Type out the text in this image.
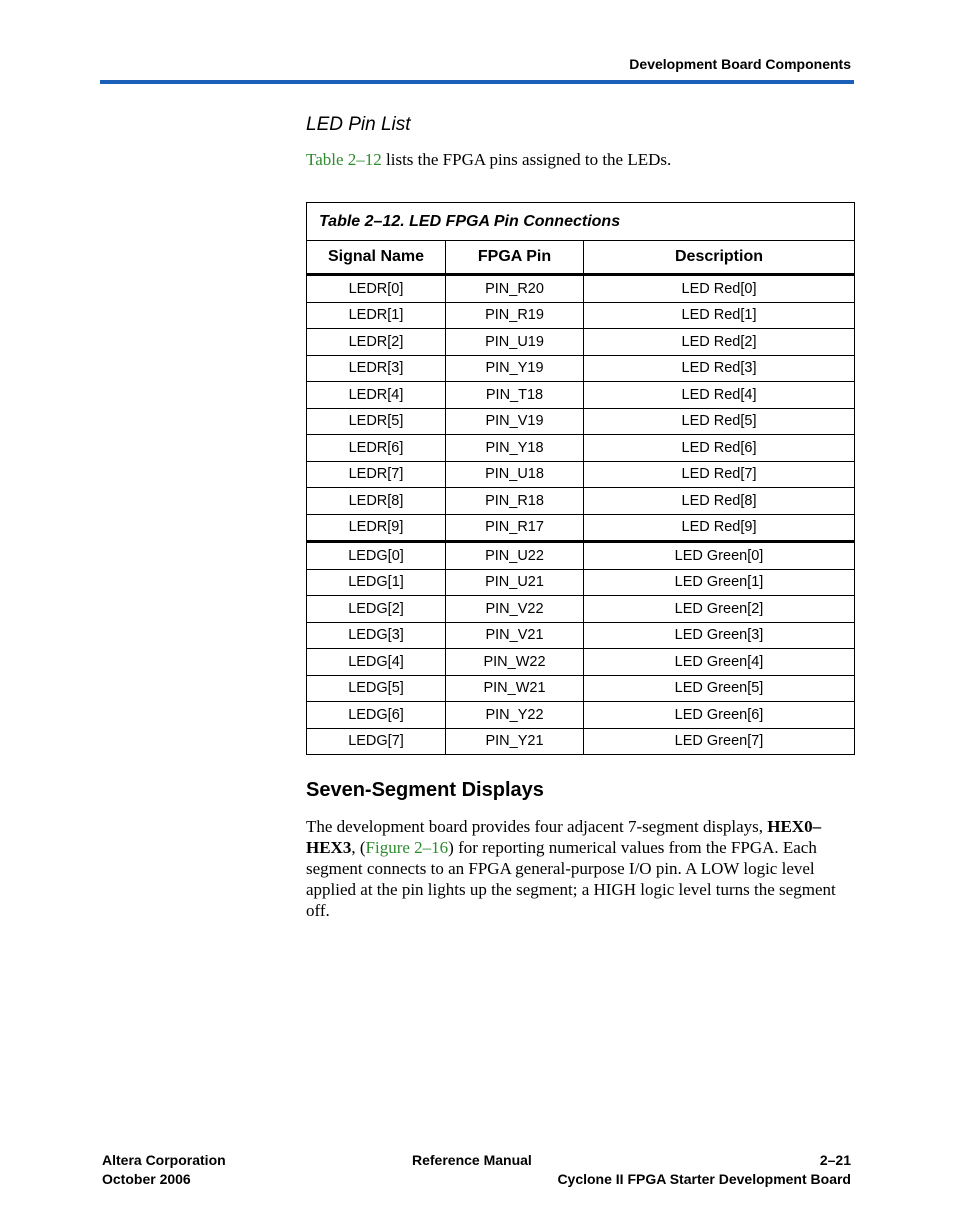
Development Board Components
LED Pin List
Table 2–12 lists the FPGA pins assigned to the LEDs.
Table 2–12. LED FPGA Pin Connections		
Signal Name	FPGA Pin	Description
LEDR[0]	PIN_R20	LED Red[0]
LEDR[1]	PIN_R19	LED Red[1]
LEDR[2]	PIN_U19	LED Red[2]
LEDR[3]	PIN_Y19	LED Red[3]
LEDR[4]	PIN_T18	LED Red[4]
LEDR[5]	PIN_V19	LED Red[5]
LEDR[6]	PIN_Y18	LED Red[6]
LEDR[7]	PIN_U18	LED Red[7]
LEDR[8]	PIN_R18	LED Red[8]
LEDR[9]	PIN_R17	LED Red[9]
LEDG[0]	PIN_U22	LED Green[0]
LEDG[1]	PIN_U21	LED Green[1]
LEDG[2]	PIN_V22	LED Green[2]
LEDG[3]	PIN_V21	LED Green[3]
LEDG[4]	PIN_W22	LED Green[4]
LEDG[5]	PIN_W21	LED Green[5]
LEDG[6]	PIN_Y22	LED Green[6]
LEDG[7]	PIN_Y21	LED Green[7]
Seven-Segment Displays
The development board provides four adjacent 7-segment displays, HEX0–HEX3, (Figure 2–16) for reporting numerical values from the FPGA. Each segment connects to an FPGA general-purpose I/O pin. A LOW logic level applied at the pin lights up the segment; a HIGH logic level turns the segment off.
Altera Corporation
October 2006
Reference Manual	2–21
Cyclone II FPGA Starter Development Board
